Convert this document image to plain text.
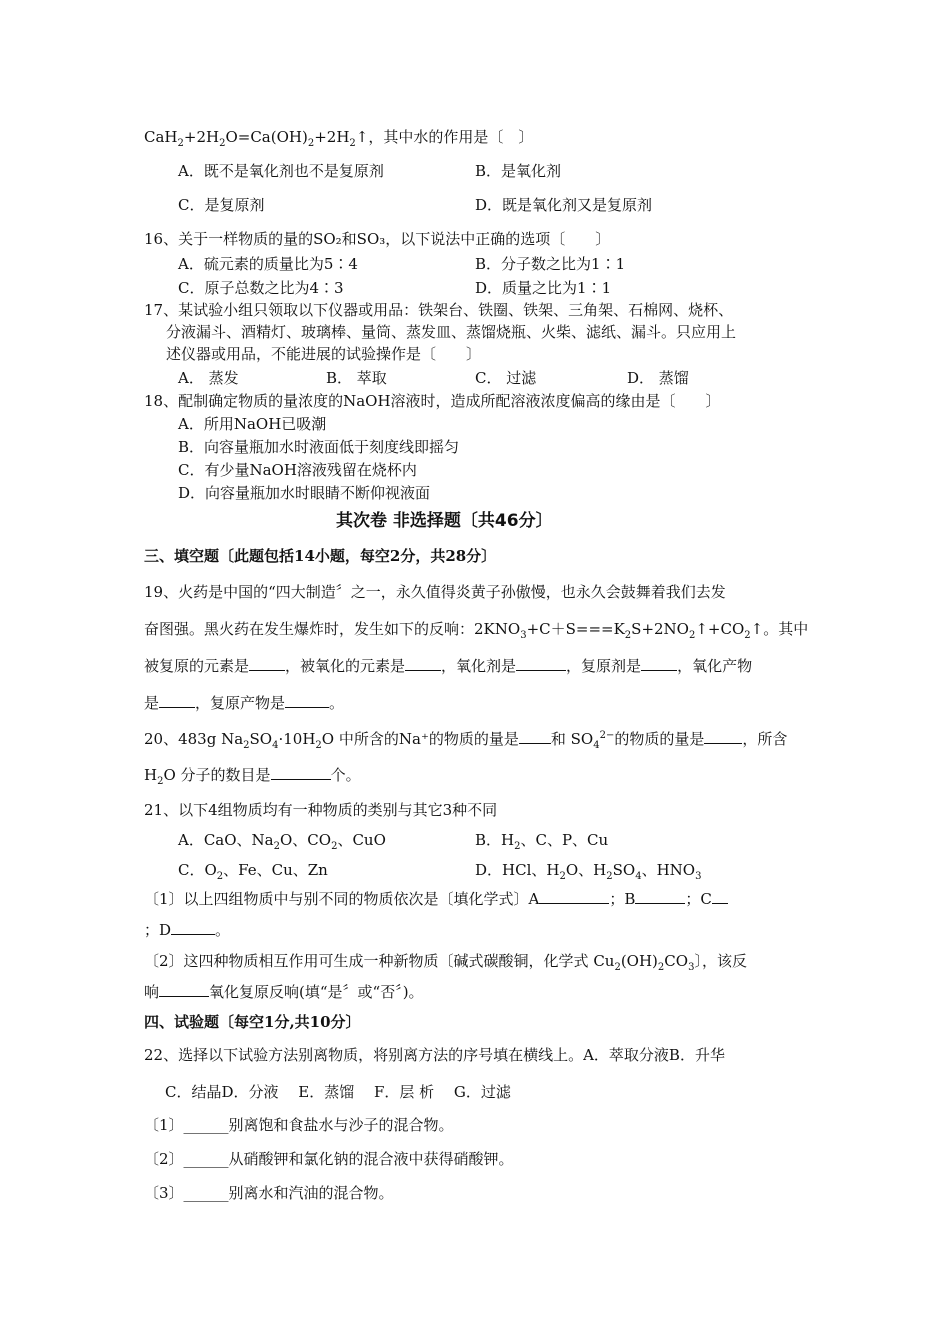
$CaH_2+2H_2O=Ca(OH)_2+2H_2↑$，其中水的作用是〔　〕
A．既不是氧化剂也不是复原剂	B．是氧化剂
C．是复原剂	D．既是氧化剂又是复原剂
16、关于一样物质的量的SO₂和SO₃，以下说法中正确的选项〔　　〕
A．硫元素的质量比为5∶4	B．分子数之比为1∶1
C．原子总数之比为4∶3	D．质量之比为1∶1
17、某试验小组只领取以下仪器或用品：铁架台、铁圈、铁架、三角架、石棉网、烧杯、
分液漏斗、酒精灯、玻璃棒、量筒、蒸发皿、蒸馏烧瓶、火柴、滤纸、漏斗。只应用上
述仪器或用品，不能进展的试验操作是〔　　〕
A． 蒸发	B． 萃取	C． 过滤	D． 蒸馏
18、配制确定物质的量浓度的NaOH溶液时，造成所配溶液浓度偏高的缘由是〔　　〕
A．所用NaOH已吸潮
B．向容量瓶加水时液面低于刻度线即摇匀
C．有少量NaOH溶液残留在烧杯内
D．向容量瓶加水时眼睛不断仰视液面
其次卷 非选择题〔共46分〕
三、填空题〔此题包括14小题，每空2分，共28分〕
19、火药是中国的“四大制造〞之一，永久值得炎黄子孙傲慢，也永久会鼓舞着我们去发
奋图强。黑火药在发生爆炸时，发生如下的反响：$2KNO_3+C+S===K_2S+2NO_2↑+CO_2↑$。其中
被复原的元素是 ，被氧化的元素是 ，氧化剂是	，复原剂是 ，氧化产物
是 ，复原产物是	。
20、483g $Na_2SO_4\cdot 10H_2O$ 中所含的Na⁺的物质的量是 和 $SO_4^{2-}$的物质的量是	，所含
$H_2O$ 分子的数目是	个。
21、以下4组物质均有一种物质的类别与其它3种不同
A．CaO、$Na_2O$、$CO_2$、CuO	B．$H_2$、C、P、Cu
C．$O_2$、Fe、Cu、Zn	D．HCl、$H_2O$、$H_2SO_4$、$HNO_3$
〔1〕以上四组物质中与别不同的物质依次是〔填化学式〕A	；B	；C
；D	。
〔2〕这四种物质相互作用可生成一种新物质〔碱式碳酸铜，化学式 $Cu_2(OH)_2CO_3$〕，该反
响	氧化复原反响(填“是〞或“否〞)。
四、试验题〔每空1分,共10分〕
22、选择以下试验方法别离物质，将别离方法的序号填在横线上。A．萃取分液B．升华
C．结晶D．分液　 E．蒸馏　 F．层 析　 G．过滤
〔1〕______别离饱和食盐水与沙子的混合物。
〔2〕______从硝酸钾和氯化钠的混合液中获得硝酸钾。
〔3〕______别离水和汽油的混合物。
